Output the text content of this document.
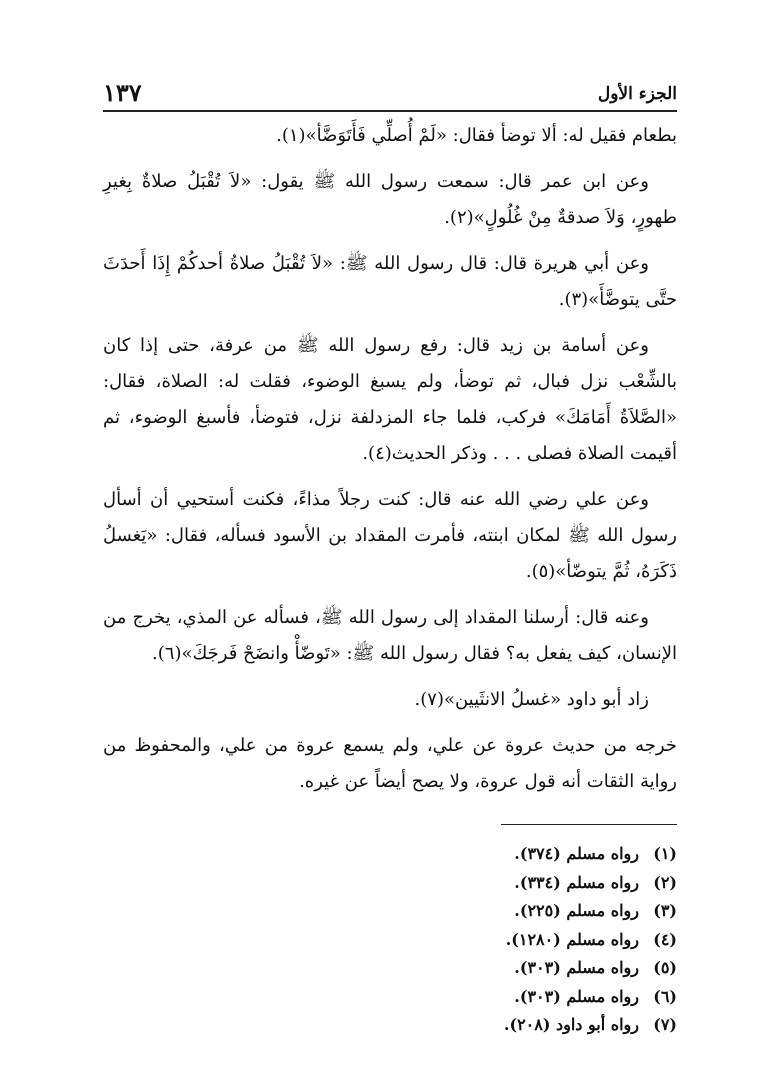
الجزء الأول
١٣٧

بطعام فقيل له: ألا توضأ فقال: «لَمْ أُصلِّي فَأَتَوَضَّأ»(١).

وعن ابن عمر قال: سمعت رسول الله ﷺ يقول: «لاَ تُقْبَلُ صلاةٌ بِغيرِ طهورٍ، وَلاَ صدقةٌ مِنْ غُلُولٍ»(٢).

وعن أبي هريرة قال: قال رسول الله ﷺ: «لاَ تُقْبَلُ صلاةُ أحدكُمْ إِذَا أَحدَثَ حتَّى يتوضَّأَ»(٣).

وعن أسامة بن زيد قال: رفع رسول الله ﷺ من عرفة، حتى إذا كان بالشِّعْب نزل فبال، ثم توضأ، ولم يسبغ الوضوء، فقلت له: الصلاة، فقال: «الصَّلاَةُ أَمَامَكَ» فركب، فلما جاء المزدلفة نزل، فتوضأ، فأسبغ الوضوء، ثم أقيمت الصلاة فصلى . . . وذكر الحديث(٤).

وعن علي رضي الله عنه قال: كنت رجلاً مذاءً، فكنت أستحيي أن أسأل رسول الله ﷺ لمكان ابنته، فأمرت المقداد بن الأسود فسأله، فقال: «يَغسلُ ذَكَرَهُ، ثُمَّ يتوضّأ»(٥).

وعنه قال: أرسلنا المقداد إلى رسول الله ﷺ، فسأله عن المذي، يخرج من الإنسان، كيف يفعل به؟ فقال رسول الله ﷺ: «تَوضّأْ وانضَحْ فَرجَكَ»(٦).

زاد أبو داود «غسلُ الانثَيين»(٧).

خرجه من حديث عروة عن علي، ولم يسمع عروة من علي، والمحفوظ من رواية الثقات أنه قول عروة، ولا يصح أيضاً عن غيره.

(١)رواه مسلم (٣٧٤).
(٢)رواه مسلم (٣٣٤).
(٣)رواه مسلم (٢٢٥).
(٤)رواه مسلم (١٢٨٠).
(٥)رواه مسلم (٣٠٣).
(٦)رواه مسلم (٣٠٣).
(٧)رواه أبو داود (٢٠٨).
